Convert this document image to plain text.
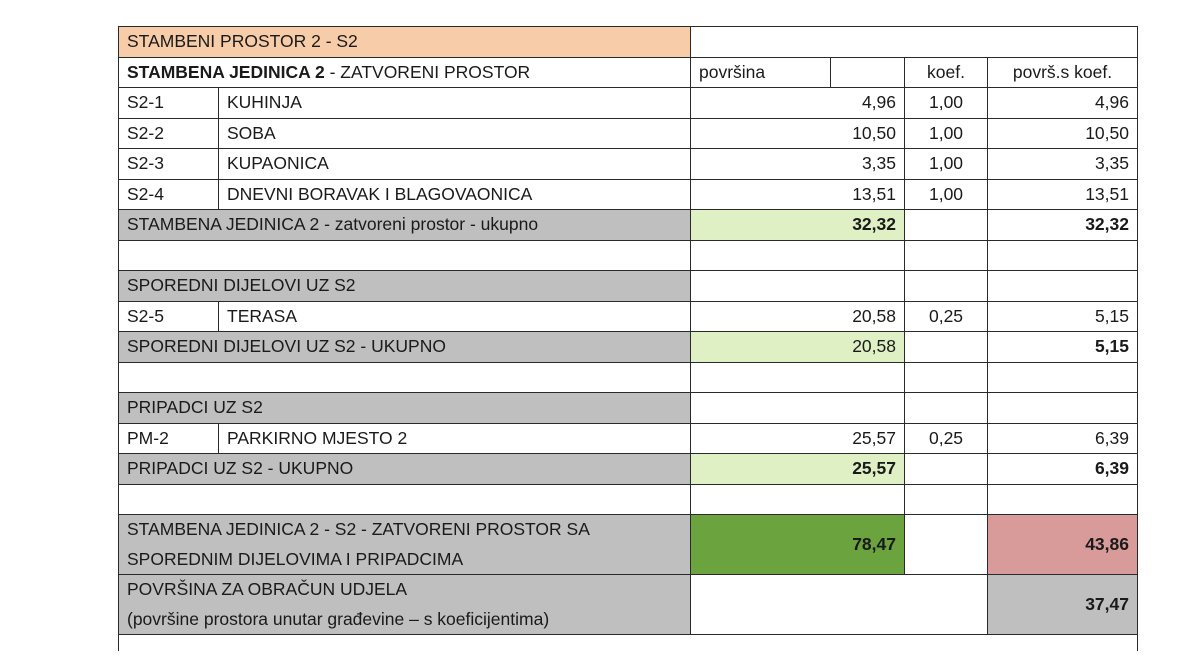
STAMBENI PROSTOR 2 - S2					
STAMBENA JEDINICA 2 - ZATVORENI PROSTOR		površina		koef.	površ.s koef.
S2-1	KUHINJA	4,96		1,00	4,96
S2-2	SOBA	10,50		1,00	10,50
S2-3	KUPAONICA	3,35		1,00	3,35
S2-4	DNEVNI BORAVAK I BLAGOVAONICA	13,51		1,00	13,51
STAMBENA JEDINICA 2 - zatvoreni prostor - ukupno		32,32			32,32

SPOREDNI DIJELOVI UZ S2					
S2-5	TERASA	20,58		0,25	5,15
SPOREDNI DIJELOVI UZ S2 - UKUPNO		20,58			5,15

PRIPADCI UZ S2					
PM-2	PARKIRNO MJESTO 2	25,57		0,25	6,39
PRIPADCI UZ S2 - UKUPNO		25,57			6,39

STAMBENA JEDINICA 2 - S2 - ZATVORENI PROSTOR SA
SPOREDNIM DIJELOVIMA I PRIPADCIMA		78,47			43,86

POVRŠINA ZA OBRAČUN UDJELA
(površine prostora unutar građevine – s koeficijentima)					37,47
